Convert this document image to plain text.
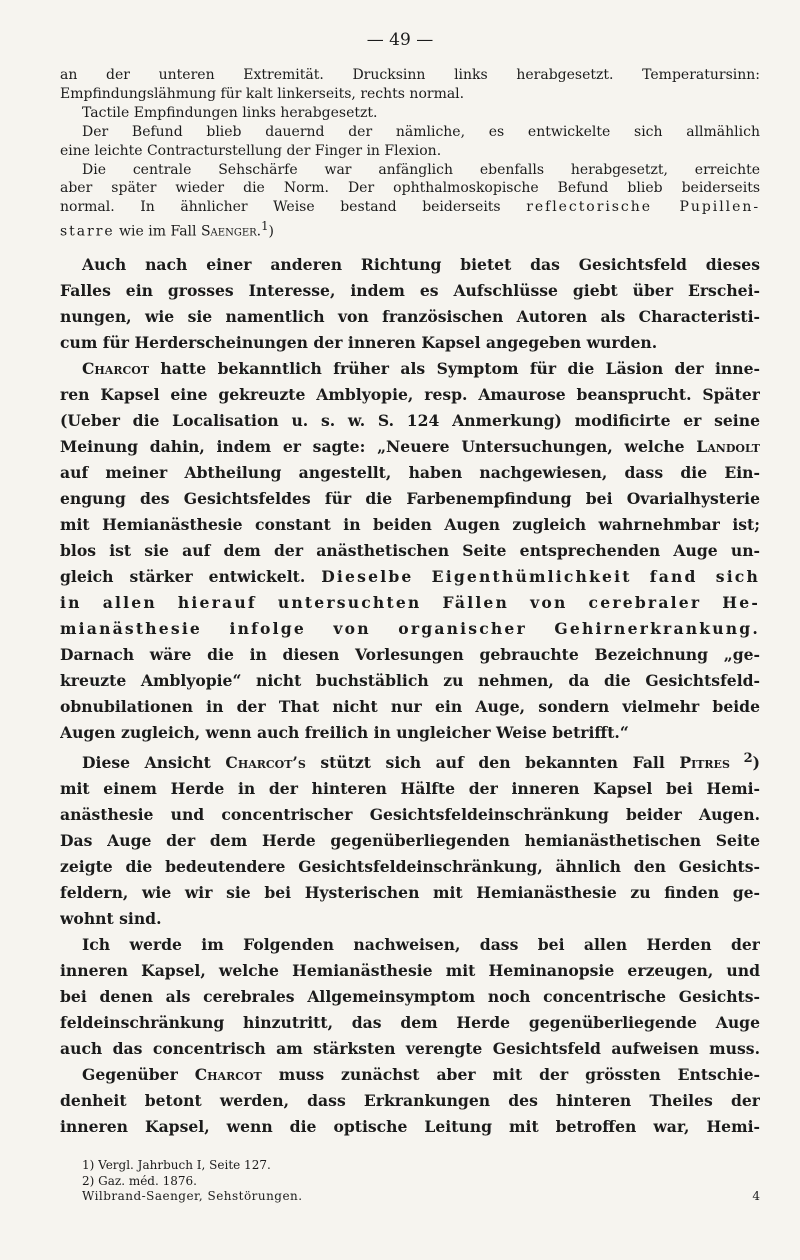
— 49 —
an der unteren Extremität. Drucksinn links herabgesetzt. Temperatursinn:
Empfindungslähmung für kalt linkerseits, rechts normal.
Tactile Empfindungen links herabgesetzt.
Der Befund blieb dauernd der nämliche, es entwickelte sich allmählich
eine leichte Contracturstellung der Finger in Flexion.
Die centrale Sehschärfe war anfänglich ebenfalls herabgesetzt, erreichte
aber später wieder die Norm. Der ophthalmoskopische Befund blieb beiderseits
normal. In ähnlicher Weise bestand beiderseits reflectorische Pupillen-
starre wie im Fall Saenger.$^1$)
Auch nach einer anderen Richtung bietet das Gesichtsfeld dieses
Falles ein grosses Interesse, indem es Aufschlüsse giebt über Erschei-
nungen, wie sie namentlich von französischen Autoren als Characteristi-
cum für Herderscheinungen der inneren Kapsel angegeben wurden.
Charcot hatte bekanntlich früher als Symptom für die Läsion der inne-
ren Kapsel eine gekreuzte Amblyopie, resp. Amaurose beansprucht. Später
(Ueber die Localisation u. s. w. S. 124 Anmerkung) modificirte er seine
Meinung dahin, indem er sagte: „Neuere Untersuchungen, welche Landolt
auf meiner Abtheilung angestellt, haben nachgewiesen, dass die Ein-
engung des Gesichtsfeldes für die Farbenempfindung bei Ovarialhysterie
mit Hemianästhesie constant in beiden Augen zugleich wahrnehmbar ist;
blos ist sie auf dem der anästhetischen Seite entsprechenden Auge un-
gleich stärker entwickelt. Dieselbe Eigenthümlichkeit fand sich
in allen hierauf untersuchten Fällen von cerebraler He-
mianästhesie infolge von organischer Gehirnerkrankung.
Darnach wäre die in diesen Vorlesungen gebrauchte Bezeichnung „ge-
kreuzte Amblyopie“ nicht buchstäblich zu nehmen, da die Gesichtsfeld-
obnubilationen in der That nicht nur ein Auge, sondern vielmehr beide
Augen zugleich, wenn auch freilich in ungleicher Weise betrifft.“
Diese Ansicht Charcot’s stützt sich auf den bekannten Fall Pitres $^2$)
mit einem Herde in der hinteren Hälfte der inneren Kapsel bei Hemi-
anästhesie und concentrischer Gesichtsfeldeinschränkung beider Augen.
Das Auge der dem Herde gegenüberliegenden hemianästhetischen Seite
zeigte die bedeutendere Gesichtsfeldeinschränkung, ähnlich den Gesichts-
feldern, wie wir sie bei Hysterischen mit Hemianästhesie zu finden ge-
wohnt sind.
Ich werde im Folgenden nachweisen, dass bei allen Herden der
inneren Kapsel, welche Hemianästhesie mit Heminanopsie erzeugen, und
bei denen als cerebrales Allgemeinsymptom noch concentrische Gesichts-
feldeinschränkung hinzutritt, das dem Herde gegenüberliegende Auge
auch das concentrisch am stärksten verengte Gesichtsfeld aufweisen muss.
Gegenüber Charcot muss zunächst aber mit der grössten Entschie-
denheit betont werden, dass Erkrankungen des hinteren Theiles der
inneren Kapsel, wenn die optische Leitung mit betroffen war, Hemi-
1) Vergl. Jahrbuch I, Seite 127.
2) Gaz. méd. 1876.
Wilbrand-Saenger, Sehstörungen.	4
